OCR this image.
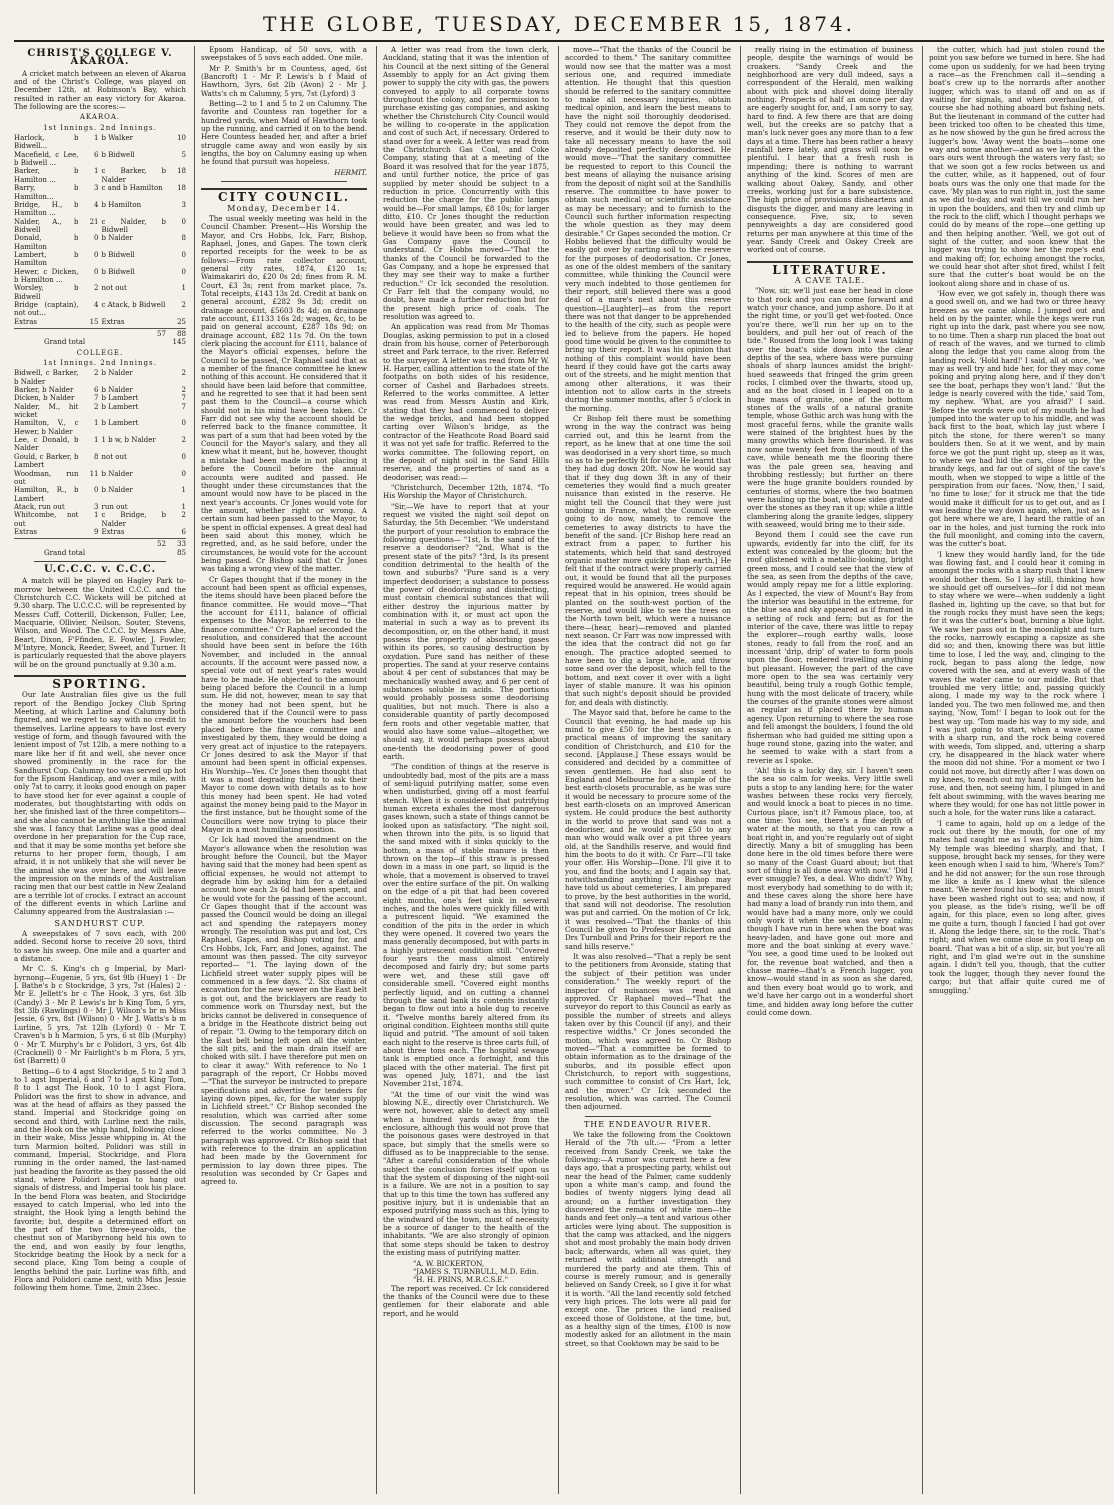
THE GLOBE, TUESDAY, DECEMBER 15, 1874.
CHRIST'S COLLEGE V. AKAROA.

A cricket match between an eleven of Akaroa and of the Christ's College, was played on December 12th, at Robinson's Bay, which resulted in rather an easy victory for Akaroa. The following are the scores:—

AKAROA.
1st Innings. 2nd Innings.
Harlock, b Bidwell...
1 b Walker	10
Macefield, c Lee, b Bidwell ...
6 b Bidwell	5
Barker, b Hamilton ...
1 c Barker, b Nalder
18
Barry, b Hamilton...
3 c and b Hamilton	18
Bridge, H., b Hamilton ...
4 b Hamilton	3
Nalder, A., b Bidwell
21 c Nalder, b Bidwell
0
Donald, b Hamilton
0 b Nalder	8
Lambert, b Hamilton
0 b Bidwell	0
Hewer, c Dicken, b Hamilton ...
0 b Bidwell	0
Worsley, b Bidwell
2 not out	1
Bridge (captain), not out...
4 c Atack, b Bidwell	2
Extras	15 Extras	25
57	88
Grand total	145
COLLEGE.
1st Innings. 2nd Innings.
Bidwell, c Barker, b Nalder
2 b Nalder	2
Barker, b Nalder	6 b Nalder	2
Dicken, b Nalder	7 b Lambert	7
Nalder, M., hit wicket
2 b Lambert	7
Hamilton, V., c Hewer, b Nalder
1 b Lambert	0
Lee, c Donald, b Nalder
1 1 b w, b Nalder	2
Gould, c Barker, b Lambert
8 not out	0
Woodman, run out
11 b Nalder	0
Hamilton, R., b Lambert
0 b Nalder	1
Atack, run out	3 run out	1
Whitcombe, not out
1 c Bridge, b Nalder
2
Extras	9 Extras	6
52	33
Grand total	85
U.C.C.C. v. C.C.C.

A match will be played on Hagley Park to-morrow between the United C.C.C. and the Christchurch C.C. Wickets will be pitched at 9.30 sharp. The U.C.C.C. will be represented by Messrs Cuff, Cotterill, Dickenson, Fuller, Lee, Macquarie, Ollivier, Neilson, Souter, Stevens, Wilson, and Wood. The C.C.C. by Messrs Abe, Beart, Dixon, F'Ffinden, E. Fowler, J. Fowler, M'Intyre, Monck, Reeder, Sweet, and Turner. It is particularly requested that the above players will be on the ground punctually at 9.30 a.m.

SPORTING.

Our late Australian files give us the full report of the Bendigo Jockey Club Spring Meeting, at which Larline and Calumny both figured, and we regret to say with no credit to themselves. Larline appears to have lost every vestige of form, and though favoured with the lenient impost of 7st 12lb, a mere nothing to a mare like her if fit and well, she never once showed prominently in the race for the Sandhurst Cup. Calumny too was served up hot for the Epsom Handicap, and over a mile, with only 7st to carry, it looks good enough on paper to have stood her for ever against a couple of moderates, but thoughtstarting with odds on her, she finished last of the three competitors—and she also cannot be anything like the animal she was. I fancy that Larline was a good deal overdone in her preparation for the Cup race, and that it may be some months yet before she returns to her proper form, though, I am afraid, it is not unlikely that she will never be the animal she was over here, and will leave the impression on the minds of the Australian racing men that our best cattle in New Zealand are a terrible lot of crocks. I extract an account of the different events in which Larline and Calumny appeared from the Australasian :—

SANDHURST CUP.

A sweepstakes of 7 sovs each, with 200 added. Second horse to receive 20 sovs, third to save his sweep. One mile and a quarter and a distance.

Mr C. S. King's ch g Imperial, by Marl-byrnong—Eugenie, 5 yrs, 6st 9lb (Huey) 1 · Dr J. Bathe's b c Stockridge, 3 yrs, 7st (Hales) 2 · Mr E. Jellett's br c The Hook, 3 yrs, 6st 3lb (Candy) 3 · Mr P. Lewis's br h King Tom, 5 yrs, 8st 3lb (Rawlings) 0 · Mr J. Wilson's br m Miss Jessie, 6 yrs, 8st (Wilson) 0 · Mr J. Watts's b m Lurline, 5 yrs, 7st 12lb (Lyford) 0 · Mr T. Craven's b h Marmion, 5 yrs, 6 st 8lb (Murphy) 0 · Mr T. Murphy's br c Polidori, 3 yrs, 6st 4lb (Cracknell) 0 · Mr Fairlight's b m Flora, 5 yrs, 6st (Barrett) 0

Betting—6 to 4 agst Stockridge, 5 to 2 and 3 to 1 agst Imperial, 6 and 7 to 1 agst King Tom, 8 to 1 agst The Hook, 10 to 1 agst Flora. Polidori was the first to show in advance, and was at the head of affairs as they passed the stand. Imperial and Stockridge going on second and third, with Lurline next the rails, and the Hook on the whip hand, following close in their wake, Miss Jessie whipping in. At the turn Marmion bolted. Polidori was still in command, Imperial, Stockridge, and Flora running in the order named, the last-named just heading the favorite as they passed the old stand, where Polidori began to hang out signals of distress, and Imperial took his place. In the bend Flora was beaten, and Stockridge essayed to catch Imperial, who led into the straight, the Hook lying a length behind the favorite; but, despite a determined effort on the part of the two three-year-olds, the chestnut son of Maribyrnong held his own to the end, and won easily by four lengths, Stockridge beating the Hook by a neck for a second place, King Tom being a couple of lengths behind the pair. Lurline was fifth, and Flora and Polidori came next, with Miss Jessie following them home. Time, 2min 23sec.

Epsom Handicap, of 50 sovs, with a sweepstakes of 5 sovs each added. One mile.

Mr P. Smith's br m Countess, aged, 6st (Bancroft) 1 · Mr P. Lewis's b f Maid of Hawthorn, 3yrs, 6st 2lb (Avon) 2 · Mr J. Watts's ch m Calumny, 5 yrs, 7st (Lyford) 3

Betting—2 to 1 and 5 to 2 on Calumny. The favorite and Countess ran together for a hundred yards, when Maid of Hawthorn took up the running, and carried it on to the bend. Here Countess headed her, and after a brief struggle came away and won easily by six lengths, the boy on Calumny easing up when he found that pursuit was hopeless.

HERMIT.
CITY COUNCIL.
Monday, December 14.

The usual weekly meeting was held in the Council Chamber. Present—His Worship the Mayor, and Crs Hobbs, Ick, Farr, Bishop, Raphael, Jones, and Gapes. The town clerk reported receipts for the week to be as follows:—From rate collector account, general city rates, 1874, £120 1s; Waimakariri do, £20 0s 2d; fines from R. M. Court, £3 3s; rent from market place, 7s. Total receipts, £143 13s 2d. Credit at bank on general account, £282 9s 3d; credit on drainage account, £5603 8s 4d; on drainage rate account, £1133 16s 2d; wages, &c, to be paid on general account, £287 18s 9d; on drainage account, £82 11s 7d. On the town clerk placing the account for £111, balance of the Mayor's official expenses, before the Council to be passed, Cr Raphael said that as a member of the finance committee he knew nothing of this account. He considered that it should have been laid before that committee, and he regretted to see that it had been sent past them to the Council—a course which should not in his mind have been taken. Cr Farr did not see why the account should be referred back to the finance committee. It was part of a sum that had been voted by the Council for the Mayor's salary, and they all knew what it meant, but he, however, thought a mistake had been made in not placing it before the Council before the annual accounts were audited and passed. He thought under these circumstances that the amount would now have to be placed in the next year's accounts. Cr Jones would vote for the amount, whether right or wrong. A certain sum had been passed to the Mayor, to be spent in official expenses. A great deal had been said about this money, which he regretted, and, as he said before, under the circumstances, he would vote for the account being passed. Cr Bishop said that Cr Jones was taking a wrong view of the matter.

Cr Gapes thought that if the money in the account had been spent as official expenses, the items should have been placed before the finance committee. He would move—"That the account for £111, balance of official expenses to the Mayor, be referred to the finance committee." Cr Raphael seconded the resolution, and considered that the account should have been sent in before the 16th November, and included in the annual accounts. If the account were passed now, a special vote out of next year's rates would have to be made. He objected to the amount being placed before the Council in a lump sum. He did not, however, mean to say that the money had not been spent, but he considered that if the Council were to pass the amount before the vouchers had been placed before the finance committee and investigated by them, they would be doing a very great act of injustice to the ratepayers. Cr Jones desired to ask the Mayor if that amount had been spent in official expenses. His Worship—Yes. Cr Jones then thought that it was a most degrading thing to ask their Mayor to come down with details as to how this money had been spent. He had voted against the money being paid to the Mayor in the first instance, but he thought some of the Councillors were now trying to place their Mayor in a most humiliating position.

Cr Ick had moved the amendment on the Mayor's allowance when the resolution was brought before the Council, but the Mayor having said that the money had been spent as official expenses, he would not attempt to degrade him by asking him for a detailed account how each 2s 6d had been spent, and he would vote for the passing of the account. Cr Gapes thought that if the account was passed the Council would be doing an illegal act and spending the ratepayers money wrongly. The resolution was put and lost, Crs Raphael, Gapes, and Bishop voting for, and Crs Hobbs, Ick, Farr, and Jones, against. The amount was then passed. The city surveyor reported— "1. The laying down of the Lichfield street water supply pipes will be commenced in a few days. "2. Six chains of excavation for the new sewer on the East belt is got out, and the bricklayers are ready to commence work on Thursday next, but the bricks cannot be delivered in consequence of a bridge in the Heathcote district being out of repair. "3. Owing to the temporary ditch on the East belt being left open all the winter, the silt pits, and the main drain itself are choked with silt. I have therefore put men on to clear it away." With reference to No 1 paragraph of the report, Cr Hobbs moved—"That the surveyor be instructed to prepare specifications and advertise for tenders for laying down pipes, &c, for the water supply in Lichfield street." Cr Bishop seconded the resolution, which was carried after some discussion. The second paragraph was referred to the works committee. No 3 paragraph was approved. Cr Bishop said that with reference to the drain an application had been made by the Government for permission to lay down three pipes. The resolution was seconded by Cr Gapes and agreed to.

A letter was read from the town clerk, Auckland, stating that it was the intention of his Council at the next sitting of the General Assembly to apply for an Act giving them power to supply the city with gas, the powers conveyed to apply to all corporate towns throughout the colony, and for permission to purchase existing gas companies, and asking whether the Christchurch City Council would be willing to co-operate in the application and cost of such Act, if necessary. Ordered to stand over for a week. A letter was read from the Christchurch Gas Coal, and Coke Company, stating that at a meeting of the Board it was resolved that for the year 1875, and until further notice, the price of gas supplied by meter should be subject to a reduction in price. Concurrently with this reduction the charge for the public lamps would be—For small lamps, £8 10s; for larger ditto, £10. Cr Jones thought the reduction would have been greater, and was led to believe it would have been so from what the Gas Company gave the Council to understand. Cr Hobbs moved—"That the thanks of the Council be forwarded to the Gas Company, and a hope be expressed that they may see their way to make a further reduction." Cr Ick seconded the resolution. Cr Farr felt that the company would, no doubt, have made a further reduction but for the present high price of coals. The resolution was agreed to.

An application was read from Mr Thomas Douglas, asking permission to put in a closed drain from his house, corner of Peterborough street and Park terrace, to the river. Referred to the surveyor. A letter was read from Mr W. H. Harper, calling attention to the state of the footpaths on both sides of his residence, corner of Cashel and Barbadoes streets. Referred to the works committee. A letter was read from Messrs Austin and Kirk, stating that they had commenced to deliver the wedge bricks, and had been stopped carting over Wilson's bridge, as the contractor of the Heathcote Road Board said it was not yet safe for traffic. Referred to the works committee. The following report, on the deposit of night soil in the Sand Hills reserve, and the properties of sand as a deodoriser, was read:—

"Christchurch, December 12th, 1874. "To His Worship the Mayor of Christchurch.

"Sir,—We have to report that at your request we visited the night soil depot on Saturday, the 5th December. "We understand the purport of your resolution to embrace the following questions— "1st, Is the sand of the reserve a deodoriser? "2nd, What is the present state of the pits? "3rd, Is its present condition detrimental to the health of the town and suburbs? "Pure sand is a very imperfect deodoriser; a substance to possess the power of deodorising and disinfecting, must contain chemical substances that will either destroy the injurious matter by combination with it, or must act upon the material in such a way as to prevent its decomposition, or, on the other hand, it must possess the property of absorbing gases within its pores, so causing destruction by oxydation. Pure sand has neither of these properties. The sand at your reserve contains about 4 per cent of substances that may be mechanically washed away, and 6 per cent of substances soluble in acids. The portions would probably possess some deodorising qualities, but not much. There is also a considerable quantity of partly decomposed fern roots and other vegetable matter, that would also have some value—altogether, we should say, it would perhaps possess about one-tenth the deodorising power of good earth.

"The condition of things at the reserve is undoubtedly bad, most of the pits are a mass of semi-liquid putrifying matter, some even when undisturbed, giving off a most fearful stench. When it is considered that putrifying human excreta exhales the most dangerous gases known, such a state of things cannot be looked upon as satisfactory. "The night soil, when thrown into the pits, is so liquid that the sand mixed with it sinks quickly to the bottom, a mass of stable manure is then thrown on the top—if this straw is pressed down in a mass in one part, so liquid is the whole, that a movement is observed to travel over the entire surface of the pit. On walking on the edge of a pit that had been covered eight months, one's feet sink in several inches, and the holes were quickly filled with a putrescent liquid. "We examined the condition of the pits in the order in which they were opened. It covered two years the mass generally decomposed, but with parts in a highly putrescent condition still. "Covered four years the mass almost entirely decomposed and fairly dry; but some parts were wet, and these still gave off considerable smell. "Covered eight months perfectly liquid, and on cutting a channel through the sand bank its contents instantly began to flow out into a hole dug to receive it. "Twelve months barely altered from its original condition. Eighteen months still quite liquid and putrid. "The amount of soil taken each night to the reserve is three carts full, of about three tons each. The hospital sewage tank is emptied once a fortnight, and this placed with the other material. The first pit was opened July, 1871, and the last November 21st, 1874.

"At the time of our visit the wind was blowing N.E., directly over Christchurch. We were not, however, able to detect any smell when a hundred yards away from the enclosure, although this would not prove that the poisonous gases were destroyed in that space, but simply that the smells were so diffused as to be inappreciable to the sense. "After a careful consideration of the whole subject the conclusion forces itself upon us that the system of disposing of the night-soil is a failure. We are not in a position to say that up to this time the town has suffered any positive injury, but it is undeniable that an exposed putrifying mass such as this, lying to the windward of the town, must of necessity be a source of danger to the health of the inhabitants. "We are also strongly of opinion that some steps should be taken to destroy the existing mass of putrifying matter.

"A. W. BICKERTON,
"JAMES S. TURNBULL, M.D. Edin.
"H. H. PRINS, M.R.C.S.E."

The report was received. Cr Ick considered the thanks of the Council were due to these gentlemen for their elaborate and able report, and he would

move—"That the thanks of the Council be accorded to them." The sanitary committee would now see that the matter was a most serious one, and required immediate attention. He thought that this question should be referred to the sanitary committee to make all necessary inquiries, obtain medical opinion, and learn the best means to have the night soil thoroughly deodorised. They could not remove the depot from the reserve, and it would be their duty now to take all necessary means to have the soil already deposited perfectly deodorised. He would move—"That the sanitary committee be requested to report to this Council the best means of allaying the nuisance arising from the deposit of night soil at the Sandhills reserve. The committee to have power to obtain such medical or scientific assistance as may be necessary; and to furnish to the Council such further information respecting the whole question as they may deem desirable." Cr Gapes seconded the motion. Cr Hobbs believed that the difficulty would be easily got over by carting soil to the reserve for the purposes of deodorisation. Cr Jones, as one of the oldest members of the sanitary committee, while thinking the Council were very much indebted to those gentlemen for their report, still believed there was a good deal of a mare's nest about this reserve question—[Laughter]—as from the report there was not that danger to be apprehended to the health of the city, such as people were led to believe from the papers. He hoped good time would be given to the committee to bring up their report. It was his opinion that nothing of this complaint would have been heard if they could have got the carts away out of the streets, and he might mention that among other alterations, it was their intention not to allow carts in the streets during the summer months, after 5 o'clock in the morning.

Cr Bishop felt there must be something wrong in the way the contract was being carried out, and this he learnt from the report, as he knew that at one time the soil was deodorised in a very short time, so much so as to be perfectly fit for use. He learnt that they had dug down 20ft. Now he would say that if they dug down 3ft in any of their cemeteries they would find a much greater nuisance than existed in the reserve. He might tell the Council that they were just undoing in France, what the Council were going to do now, namely, to remove the cemeteries to away districts to have the benefit of the sand. [Cr Bishop here read an extract from a paper, to further his statements, which held that sand destroyed organic matter more quickly than earth.] He felt that if the contract were properly carried out, it would be found that all the purposes required would be answered. He would again repeat that in his opinion, trees should be planted on the south-west portion of the reserve, and would like to see the trees on the North town belt, which were a nuisance there—(hear, hear)—removed and planted next season. Cr Farr was now impressed with the idea that the contract did not go far enough. The practice adopted seemed to have been to dig a large hole, and throw some sand over the deposit, which fell to the bottom, and next cover it over with a light layer of stable manure. It was his opinion that such night's deposit should be provided for, and deals with distinctly.

The Mayor said that, before he came to the Council that evening, he had made up his mind to give £50 for the best essay on a practical means of improving the sanitary condition of Christchurch, and £10 for the second. [Applause.] These essays would be considered and decided by a committee of seven gentlemen. He had also sent to England and Melbourne for a sample of the best earth-closets procurable, as he was sure it would be necessary to procure some of the best earth-closets on an improved American system. He could produce the best authority in the world to prove that sand was not a deodoriser, and he would give £50 to any man who would walk over a pit three years old, at the Sandhills reserve, and would find him the boots to do it with. Cr Farr—I'll take your offer. His Worship—Done. I'll give it to you, and find the boots; and I again say that, notwithstanding anything Cr Bishop may have told us about cemeteries, I am prepared to prove, by the best authorities in the world, that sand will not deodorise. The resolution was put and carried. On the motion of Cr Ick, it was resolved—"That the thanks of this Council be given to Professor Bickerton and Drs Turnbull and Prins for their report re the sand hills reserve."

It was also resolved—"That a reply be sent to the petitioners from Avonside, stating that the subject of their petition was under consideration." The weekly report of the inspector of nuisances was read and approved. Cr Raphael moved—"That the surveyor do report to this Council as early as possible the number of streets and alleys taken over by this Council (if any), and their respective widths." Cr Jones seconded the motion, which was agreed to. Cr Bishop moved—"That a committee be formed to obtain information as to the drainage of the suburbs, and its possible effect upon Christchurch, to report with suggestions, such committee to consist of Crs Hart, Ick, and the mover." Cr Ick seconded the resolution, which was carried. The Council then adjourned.

THE ENDEAVOUR RIVER.

We take the following from the Cooktown Herald of the 7th ult.:— "From a letter received from Sandy Creek, we take the following:—A rumor was current here a few days ago, that a prospecting party, whilst out near the head of the Palmer, came suddenly upon a white man's camp, and found the bodies of twenty niggers lying dead all around; on a further investigation they discovered the remains of white men—the hands and feet only—a tent and various other articles were lying about. The supposition is that the camp was attacked, and the niggers shot and most probably the main body driven back; afterwards, when all was quiet, they returned with additional strength and murdered the party and ate them. This of course is merely rumour, and is generally believed on Sandy Creek, so I give it for what it is worth. "All the land recently sold fetched very high prices. The lots were all paid for except one. The prices the land realised exceed those of Goldstone, at the time, but, as a healthy sign of the times, £100 is now modestly asked for an allotment in the main street, so that Cooktown may be said to be

really rising in the estimation of business people, despite the warnings of would be croakers. "Sandy Creek and the neighborhood are very dull indeed, says a correspondent of the Herald, men walking about with pick and shovel doing literally nothing. Prospects of half an ounce per day are eagerly sought for, and, I am sorry to say, hard to find. A few there are that are doing well, but the creeks are so patchy that a man's luck never goes any more than to a few days at a time. There has been rather a heavy rainfall here lately, and grass will soon be plentiful. I hear that a fresh rush is impending; there is nothing to warrant anything of the kind. Scores of men are walking about Oakey, Sandy, and other creeks, working just for a bare subsistence. The high price of provisions disheartens and disgusts the digger, and many are leaving in consequence. Five, six, to seven pennyweights a day are considered good returns per man anywhere at this time of the year. Sandy Creek and Oakey Creek are worked out of course.

LITERATURE.
A CAVE TALE.

"Now, sir, we'll just ease her head in close to that rock and you can come forward and watch your chance, and jump ashore. Do it at the right time, or you'll get wet-footed. Once you're there, we'll run her up on to the boulders, and pull her out of reach of the tide." Roused from the long look I was taking over the boat's side down into the clear depths of the sea, where bass were pursuing shoals of sharp launces amidst the bright-hued seaweeds that fringed the grim green rocks, I climbed over the thwarts, stood up, and as the boat closed in I leaped on to a huge mass of granite, one of the bottom stones of the walls of a natural granite temple, whose Gothic arch was hung with the most graceful ferns, while the granite walls were stained of the brightest hues by the many growths which here flourished. It was now some twenty feet from the mouth of the cave, while beneath me the flooring there was the pale green sea, heaving and throbbing restlessly; but further on there were the huge granite boulders rounded by centuries of storms, where the two boatmen were hauling up the boat, whose sides grated over the stones as they ran it up; while a little clambering along the granite ledges, slippery with seaweed, would bring me to their side.

Beyond them I could see the cave run upwards, evidently far into the cliff, for its extent was concealed by the gloom; but the roof glistened with a metallic-looking, bright green moss, and I could see that the view of the sea, as seen from the depths of the cave, would amply repay me for a little exploring. As I expected, the view of Mount's Bay from the interior was beautiful in the extreme, for the blue sea and sky appeared as if framed in a setting of rock and fern; but as for the interior of the cave, there was little to repay the explorer—rough earthy walls, loose stones, ready to fall from the roof, and an incessant 'drip, drip' of water to form pools upon the floor, rendered travelling anything but pleasant. However, the part of the cave more open to the sea was certainly very beautiful, being truly a rough Gothic temple, hung with the most delicate of tracery, while the courses of the granite stones were almost as regular as if placed there by human agency. Upon returning to where the sea rose and fell amongst the boulders, I found the old fisherman who had guided me sitting upon a huge round stone, gazing into the water, and he seemed to wake with a start from a reverie as I spoke.

'Ah! this is a lucky day, sir. I haven't seen the sea so calm for weeks. Very little swell puts a stop to any landing here; for the water washes between these rocks very fiercely, and would knock a boat to pieces in no time. Curious place, isn't it? Famous place, too, at one time: You see, there's a fine depth of water at the mouth, so that you can row a boat right in, and you're regularly out of sight directly. Many a bit of smuggling has been done here in the old times before there were so many of the Coast Guard about; but that sort of thing is all done away with now.' 'Did I ever smuggle? Yes, a deal. Who didn't? Why, most everybody had something to do with it; and these caves along the shore here have had many a load of brandy run into them, and would have had a many more, only we could only work it when the sea was very calm; though I have run in here when the boat was heavy-laden, and have gone out more and more and the boat sinking at every wave.' 'You see, a good time used to be looked out for, the revenue boat watched, and then a chasse marée—that's a French lugger, you know—would stand in as soon as she dared, and then every boat would go to work, and we'd have her cargo out in a wonderful short time, and hidden away long before the cutter could come down.

the cutter, which had just stolen round the point you saw before we turned in here. She had come upon us suddenly, for we had been trying a race—as the Frenchmen call it—sending a boat's crew up to the norrards after another lugger, which was to stand off and on as if waiting for signals, and when overhauled, of course she had nothing aboard but fishing nets. But the lieutenant in command of the cutter had been tricked too often to be cheated this time, as he now showed by the gun he fired across the lugger's bow. 'Away went the boats—some one way and some another—and as we lay to at the oars ours went through the waters very fast; so that we soon got a few rocks between us and the cutter, while, as it happened, out of four boats ours was the only one that made for the cave. 'My plan was to run right in, just the same as we did to-day, and wait till we could run her in upon the boulders, and then try and climb up the rock to the cliff, which I thought perhaps we could do by means of the rope—one getting up and then helping another. 'Well, we got out of sight of the cutter, and soon knew that the lugger was trying to show her the rope's end and making off; for, echoing amongst the rocks, we could hear shot after shot fired, whilst I felt sure that the cutter's boat would be on the lookout along shore and in chase of us.

'How ever, we got safely in, though there was a good swell on, and we had two or three heavy breezes as we came along. I jumped out and held on by the painter, while the kegs were run right up into the dark, past where you see now, to no time. Then a sharp run placed the boat out of reach of the waves, and we turned to climb along the ledge that you came along from the landing rock. 'Hold hard!' I said, all at once, 'we may as well try and hide her, for they may come poking and prying along here, and if they don't see the boat, perhaps they won't land.' 'But the ledge is nearly covered with the tide,' said Tom, my nephew. 'What, are you afraid?' I said. 'Before the words were out of my mouth he had jumped into the water up to his middle, and was back first to the boat, which lay just where I pitch the stone, for there weren't so many boulders then. So at it we went, and by main force we got the punt right up, steep as it was, to where we had hid the cars, close up by the brandy kegs, and far out of sight of the cave's mouth, when we stopped to wipe a little of the perspiration from our faces. 'Now, then,' I said, 'no time to lose;' for it struck me that the tide would make it difficult for us to get out, and as I was leading the way down again, when, just as I got here where we are, I heard the rattle of an oar in the holes, and just turning the rock into the full moonlight, and coming into the cavern, was the cutter's boat.

'I knew they would hardly land, for the tide was flowing fast, and I could hear it coming in amongst the rocks with a sharp rush that I knew would bother them. So I lay still, thinking how we should get off ourselves—for I did not mean to stay where we were—when suddenly a light flashed in, lighting up the cave, so that but for the rough rocks they must have seen the kegs; for it was the cutter's boat, burning a blue light. 'We saw her pass out in the moonlight and turn the rocks, narrowly escaping a capsize as she did so; and then, knowing there was but little time to lose, I led the way, and, clinging to the rock, began to pass along the ledge, now covered with the sea, and at every wash of the waves the water came to our middle. But that troubled me very little; and, passing quickly along, I made my way to the rock where I landed you. The two men followed me, and then saying, 'Now, Tom!' I began to look out for the best way up. 'Tom made his way to my side, and I was just going to start, when a wave came with a sharp run, and the rock being covered with weeds, Tom slipped, and, uttering a sharp cry, he disappeared in the black water where the moon did not shine. 'For a moment or two I could not move, but directly after I was down on my knees, to reach out my hand to him when he rose, and then, not seeing him, I plunged in and felt about swimming, with the waves bearing me where they would; for one has not little power in such a hole, for the water runs like a cataract.

'I came to again, hold up on a ledge of the rock out there by the mouth, for one of my mates had caught me as I was floating by him. My temple was bleeding sharply, and that, I suppose, brought back my senses, for they were keen enough when I said to him, 'Where's Tom?' and he did not answer; for the sun rose through me like a knife as I knew what the silence meant. 'We never found his body, sir, which must have been washed right out to sea; and now, if you please, as the tide's rising, we'll be off again, for this place, even so long after, gives me quite a turn, though I fancied I had got over it. Along the ledge there, sir, to the rock. That's right; and when we come close in you'll leap on board. 'That was a bit of a slip, sir, but you're all right, and I'm glad we're out in the sunshine again. I didn't tell you, though, that the cutter took the lugger, though they never found the cargo; but that affair quite cured me of smuggling.'
